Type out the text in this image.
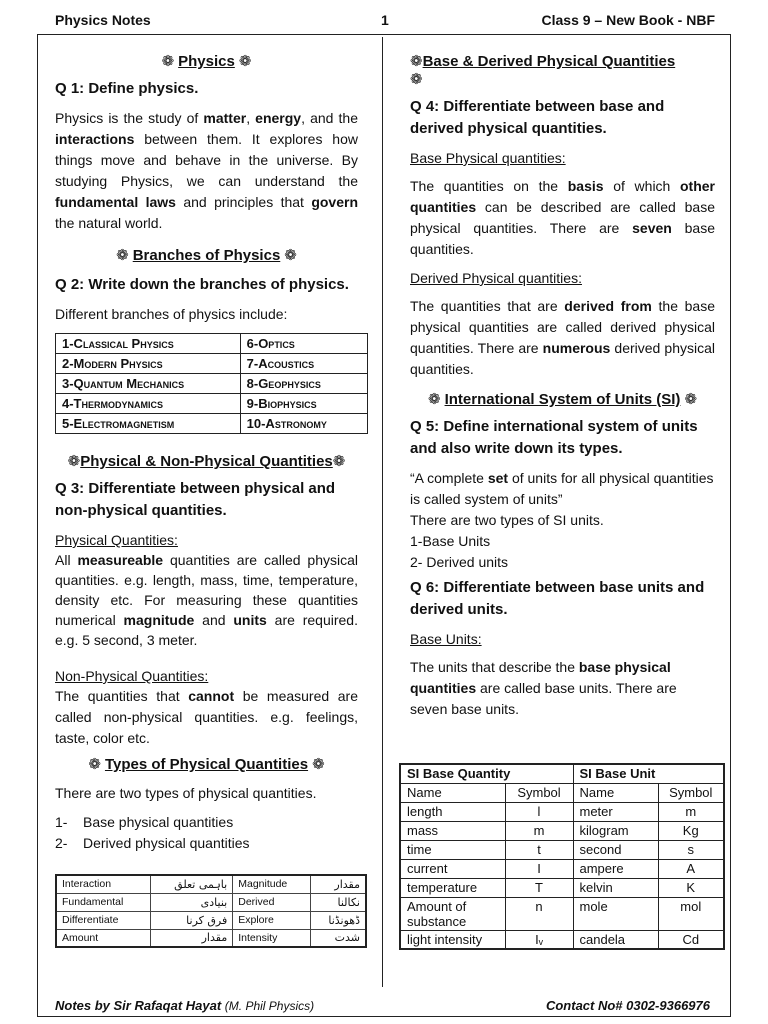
Physics Notes	1	Class 9 – New Book - NBF
❁ Physics ❁
Q 1: Define physics.
Physics is the study of matter, energy, and the interactions between them. It explores how things move and behave in the universe. By studying Physics, we can understand the fundamental laws and principles that govern the natural world.
❁ Branches of Physics ❁
Q 2: Write down the branches of physics.
Different branches of physics include:
1-Classical Physics	6-Optics
2-Modern Physics	7-Acoustics
3-Quantum Mechanics	8-Geophysics
4-Thermodynamics	9-Biophysics
5-Electromagnetism	10-Astronomy
❁Physical & Non-Physical Quantities❁
Q 3: Differentiate between physical and non-physical quantities.
Physical Quantities:
All measureable quantities are called physical quantities. e.g. length, mass, time, temperature, density etc. For measuring these quantities numerical magnitude and units are required. e.g. 5 second, 3 meter.
Non-Physical Quantities:
The quantities that cannot be measured are called non-physical quantities. e.g. feelings, taste, color etc.
❁ Types of Physical Quantities ❁
There are two types of physical quantities.
1- Base physical quantities
2- Derived physical quantities
Interaction	باہمی تعلق	Magnitude	مقدار
Fundamental	بنیادی	Derived	نکالنا
Differentiate	فرق کرنا	Explore	ڈھونڈنا
Amount	مقدار	Intensity	شدت
❁Base & Derived Physical Quantities
❁
Q 4: Differentiate between base and derived physical quantities.
Base Physical quantities:
The quantities on the basis of which other quantities can be described are called base physical quantities. There are seven base quantities.
Derived Physical quantities:
The quantities that are derived from the base physical quantities are called derived physical quantities. There are numerous derived physical quantities.
❁ International System of Units (SI) ❁
Q 5: Define international system of units and also write down its types.
“A complete set of units for all physical quantities is called system of units”
There are two types of SI units.
1-Base Units
2- Derived units
Q 6: Differentiate between base units and derived units.
Base Units:
The units that describe the base physical quantities are called base units. There are seven base units.
SI Base Quantity		SI Base Unit	
Name	Symbol	Name	Symbol
length	l	meter	m
mass	m	kilogram	Kg
time	t	second	s
current	I	ampere	A
temperature	T	kelvin	K
Amount of substance	n	mole	mol
light intensity	Iᵥ	candela	Cd
Notes by Sir Rafaqat Hayat (M. Phil Physics)	Contact No# 0302-9366976
